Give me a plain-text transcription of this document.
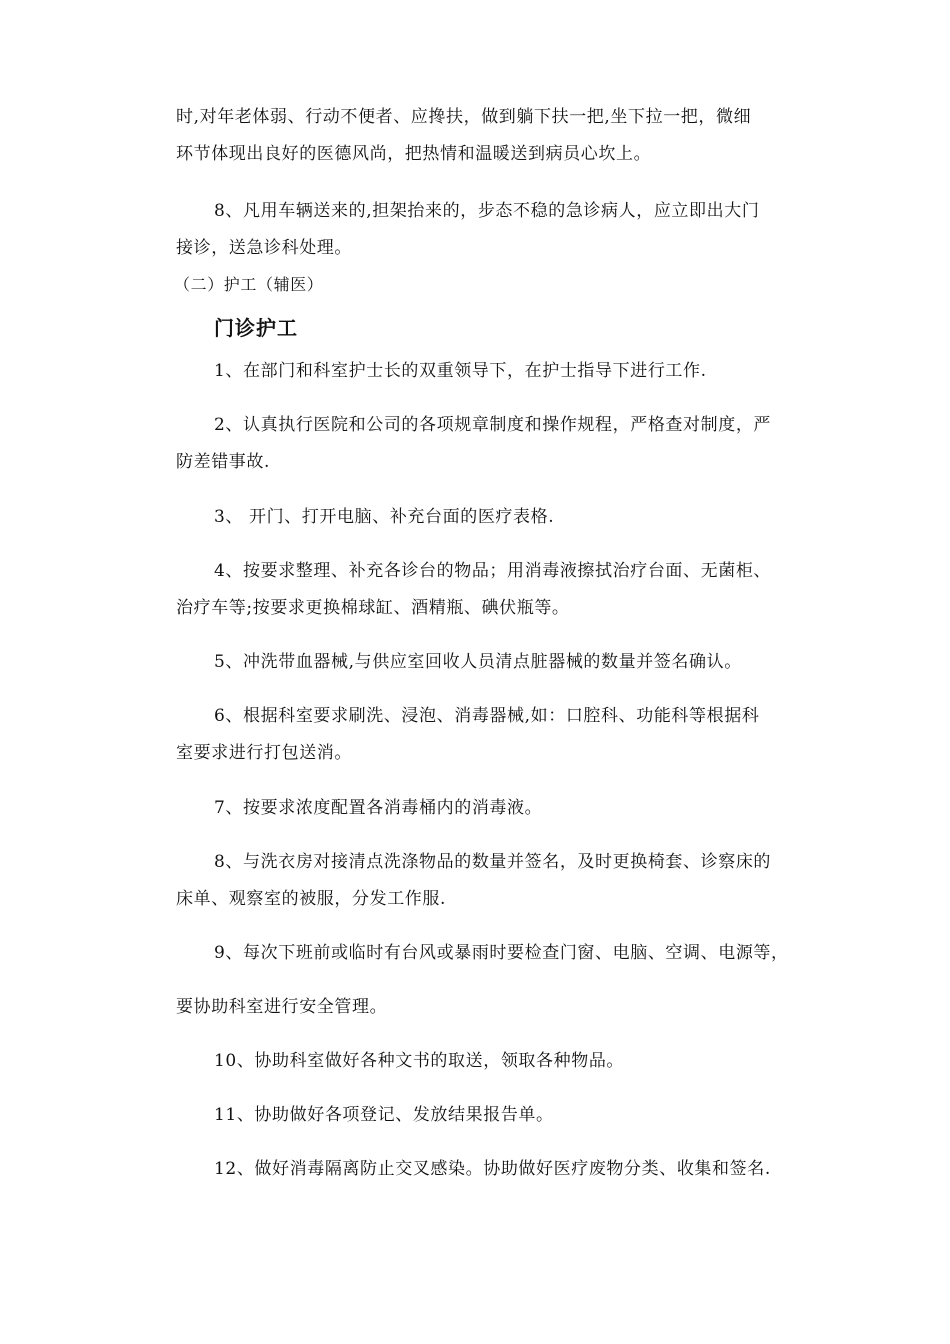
时,对年老体弱、行动不便者、应搀扶，做到躺下扶一把,坐下拉一把，微细
环节体现出良好的医德风尚，把热情和温暖送到病员心坎上。
8、凡用车辆送来的,担架抬来的，步态不稳的急诊病人，应立即出大门
接诊，送急诊科处理。
（二）护工（辅医）
门诊护工
1、在部门和科室护士长的双重领导下，在护士指导下进行工作.
2、认真执行医院和公司的各项规章制度和操作规程，严格查对制度，严
防差错事故.
3、 开门、打开电脑、补充台面的医疗表格.
4、按要求整理、补充各诊台的物品；用消毒液擦拭治疗台面、无菌柜、
治疗车等;按要求更换棉球缸、酒精瓶、碘伏瓶等。
5、冲洗带血器械,与供应室回收人员清点脏器械的数量并签名确认。
6、根据科室要求刷洗、浸泡、消毒器械,如：口腔科、功能科等根据科
室要求进行打包送消。
7、按要求浓度配置各消毒桶内的消毒液。
8、与洗衣房对接清点洗涤物品的数量并签名，及时更换椅套、诊察床的
床单、观察室的被服，分发工作服.
9、每次下班前或临时有台风或暴雨时要检查门窗、电脑、空调、电源等，
要协助科室进行安全管理。
10、协助科室做好各种文书的取送，领取各种物品。
11、协助做好各项登记、发放结果报告单。
12、做好消毒隔离防止交叉感染。协助做好医疗废物分类、收集和签名.
